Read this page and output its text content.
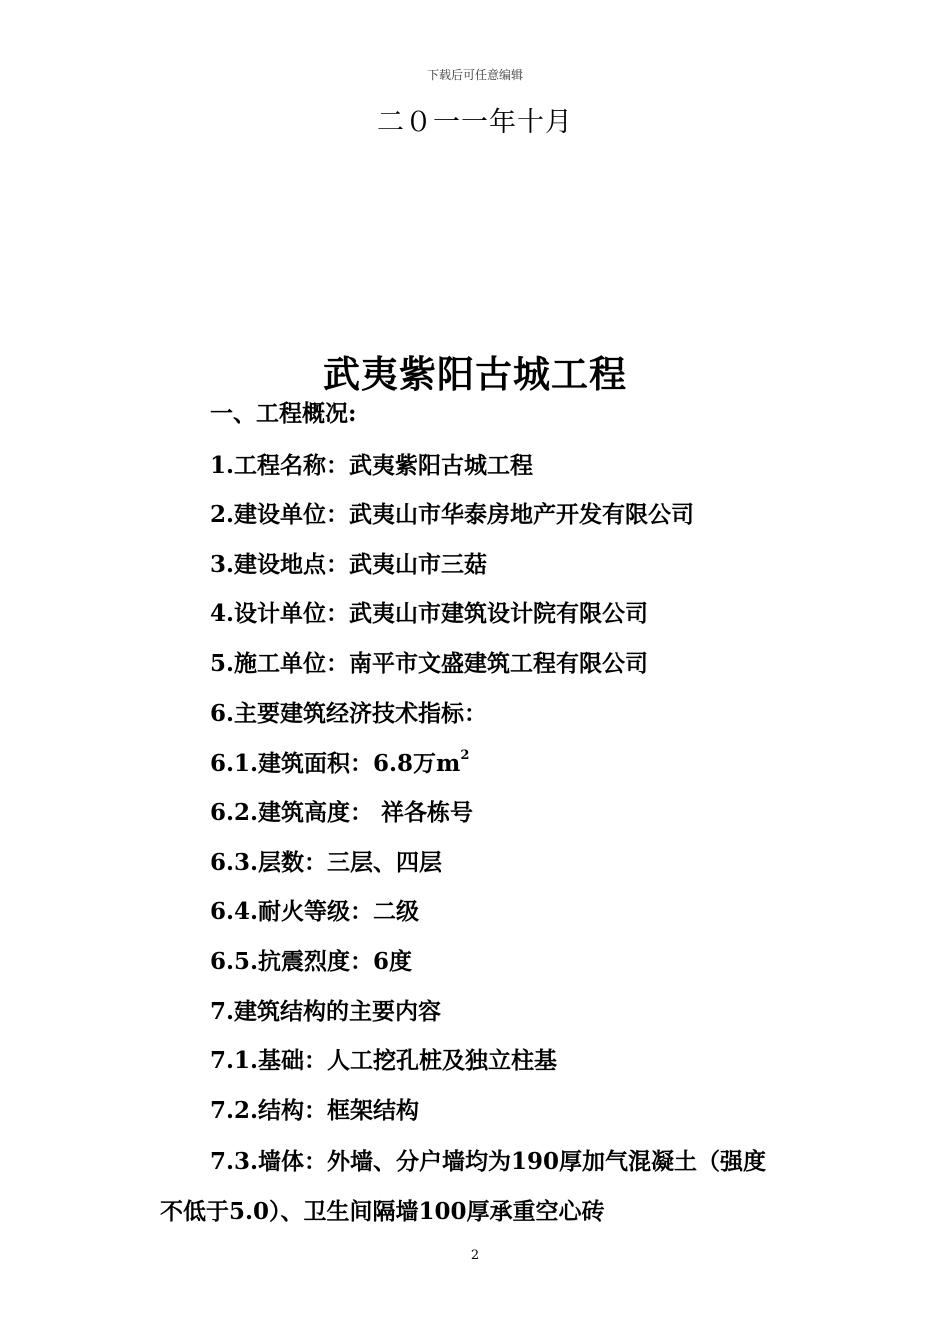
下载后可任意编辑
二０一一年十月
武夷紫阳古城工程
一、工程概况:
1.工程名称：武夷紫阳古城工程
2.建设单位：武夷山市华泰房地产开发有限公司
3.建设地点：武夷山市三菇
4.设计单位：武夷山市建筑设计院有限公司
5.施工单位：南平市文盛建筑工程有限公司
6.主要建筑经济技术指标：
6.1.建筑面积：6.8万$m^2$
6.2.建筑高度： 祥各栋号
6.3.层数：三层、四层
6.4.耐火等级：二级
6.5.抗震烈度：6度
7.建筑结构的主要内容
7.1.基础：人工挖孔桩及独立柱基
7.2.结构：框架结构
7.3.墙体：外墙、分户墙均为190厚加气混凝土（强度
不低于5.0）、卫生间隔墙100厚承重空心砖
2
